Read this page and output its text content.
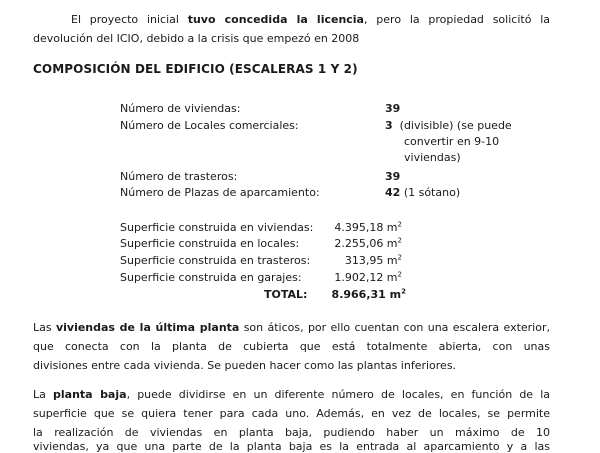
El proyecto inicial tuvo concedida la licencia, pero la propiedad solicitó la
devolución del ICIO, debido a la crisis que empezó en 2008
COMPOSICIÓN DEL EDIFICIO (ESCALERAS 1 Y 2)
Número de viviendas:	39
Número de Locales comerciales:	3 (divisible) (se puede
convertir en 9-10
viviendas)
Número de trasteros:	39
Número de Plazas de aparcamiento:	42 (1 sótano)
Superficie construida en viviendas:	4.395,18 $m^2$
Superficie construida en locales:	2.255,06 $m^2$
Superficie construida en trasteros:	313,95 $m^2$
Superficie construida en garajes:	1.902,12 $m^2$
TOTAL: 8.966,31 $m^2$
Las viviendas de la última planta son áticos, por ello cuentan con una escalera exterior,
que conecta con la planta de cubierta que está totalmente abierta, con unas
divisiones entre cada vivienda. Se pueden hacer como las plantas inferiores.
La planta baja, puede dividirse en un diferente número de locales, en función de la
superficie que se quiera tener para cada uno. Además, en vez de locales, se permite
la realización de viviendas en planta baja, pudiendo haber un máximo de 10
viviendas, ya que una parte de la planta baja es la entrada al aparcamiento y a las
